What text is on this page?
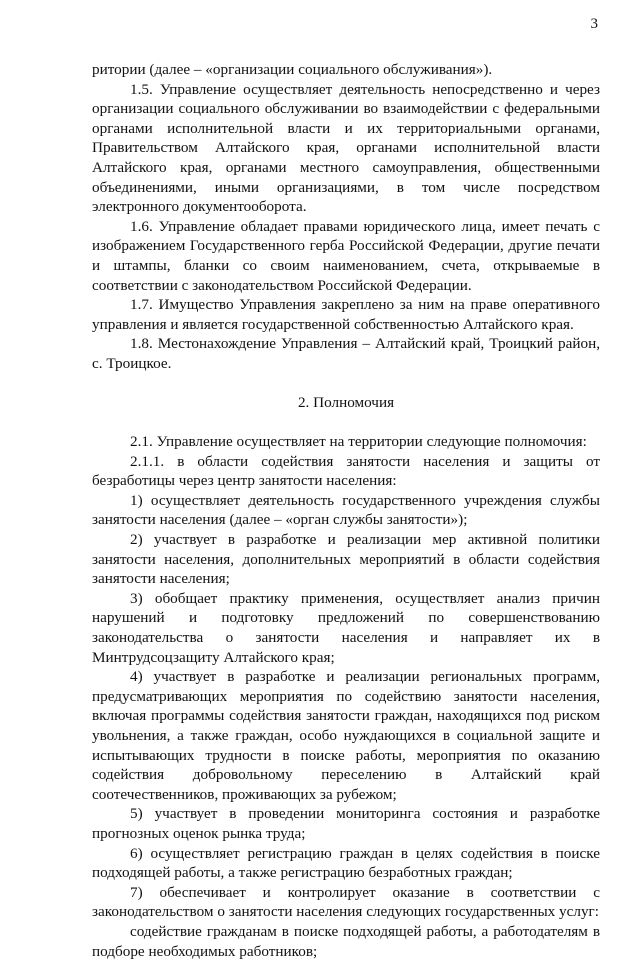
3

ритории (далее – «организации социального обслуживания»).

1.5. Управление осуществляет деятельность непосредственно и через организации социального обслуживании во взаимодействии с федеральными органами исполнительной власти и их территориальными органами, Правительством Алтайского края, органами исполнительной власти Алтайского края, органами местного самоуправления, общественными объединениями, иными организациями, в том числе посредством электронного документооборота.

1.6. Управление обладает правами юридического лица, имеет печать с изображением Государственного герба Российской Федерации, другие печати и штампы, бланки со своим наименованием, счета, открываемые в соответствии с законодательством Российской Федерации.

1.7. Имущество Управления закреплено за ним на праве оперативного управления и является государственной собственностью Алтайского края.

1.8. Местонахождение Управления – Алтайский край, Троицкий район, с. Троицкое.

2. Полномочия

2.1. Управление осуществляет на территории следующие полномочия:

2.1.1. в области содействия занятости населения и защиты от безработицы через центр занятости населения:

1) осуществляет деятельность государственного учреждения службы занятости населения (далее – «орган службы занятости»);

2) участвует в разработке и реализации мер активной политики занятости населения, дополнительных мероприятий в области содействия занятости населения;

3) обобщает практику применения, осуществляет анализ причин нарушений и подготовку предложений по совершенствованию законодательства о занятости населения и направляет их в Минтрудсоцзащиту Алтайского края;

4) участвует в разработке и реализации региональных программ, предусматривающих мероприятия по содействию занятости населения, включая программы содействия занятости граждан, находящихся под риском увольнения, а также граждан, особо нуждающихся в социальной защите и испытывающих трудности в поиске работы, мероприятия по оказанию содействия добровольному переселению в Алтайский край соотечественников, проживающих за рубежом;

5) участвует в проведении мониторинга состояния и разработке прогнозных оценок рынка труда;

6) осуществляет регистрацию граждан в целях содействия в поиске подходящей работы, а также регистрацию безработных граждан;

7) обеспечивает и контролирует оказание в соответствии с законодательством о занятости населения следующих государственных услуг:

содействие гражданам в поиске подходящей работы, а работодателям в подборе необходимых работников;
